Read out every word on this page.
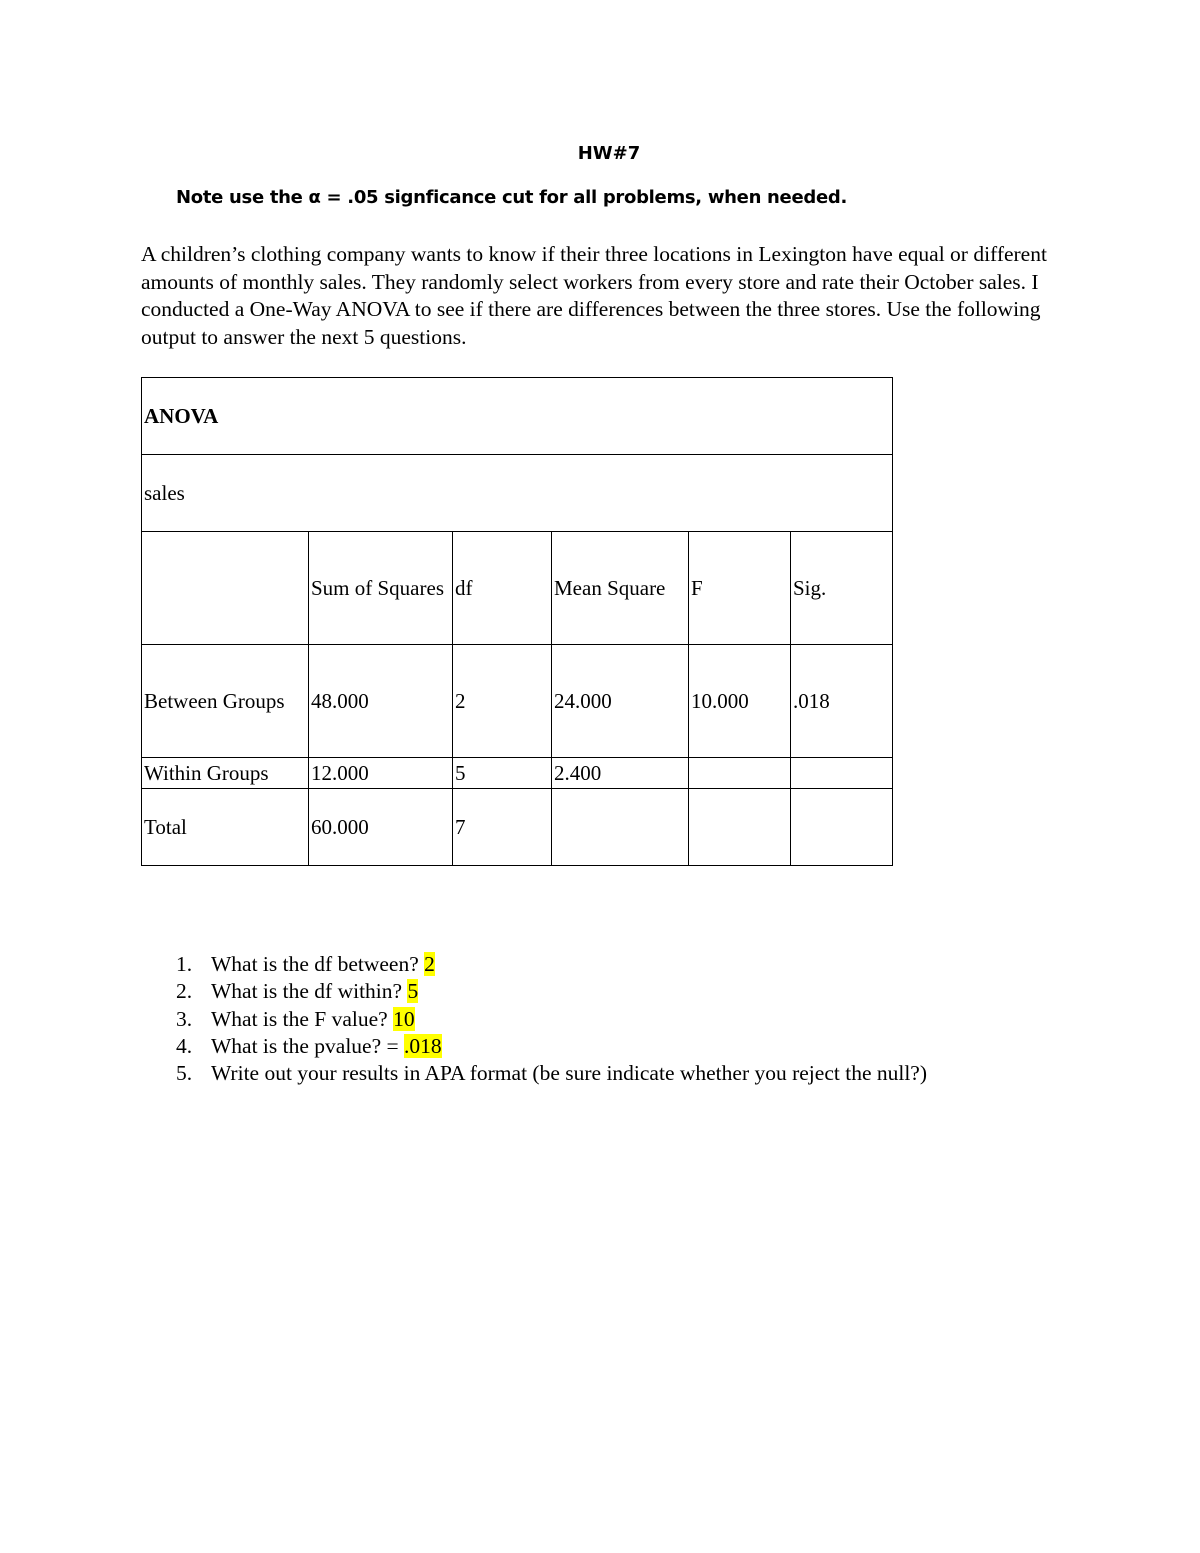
HW#7
Note use the α = .05 signficance cut for all problems, when needed.

A children’s clothing company wants to know if their three locations in Lexington have equal or different amounts of monthly sales. They randomly select workers from every store and rate their October sales. I conducted a One-Way ANOVA to see if there are differences between the three stores. Use the following output to answer the next 5 questions.

ANOVA					
sales					
	Sum of Squares	df	Mean Square	F	Sig.
Between Groups	48.000	2	24.000	10.000	.018
Within Groups	12.000	5	2.400		
Total	60.000	7			
1. What is the df between? 2
2. What is the df within? 5
3. What is the F value? 10
4. What is the pvalue? = .018
5. Write out your results in APA format (be sure indicate whether you reject the null?)
